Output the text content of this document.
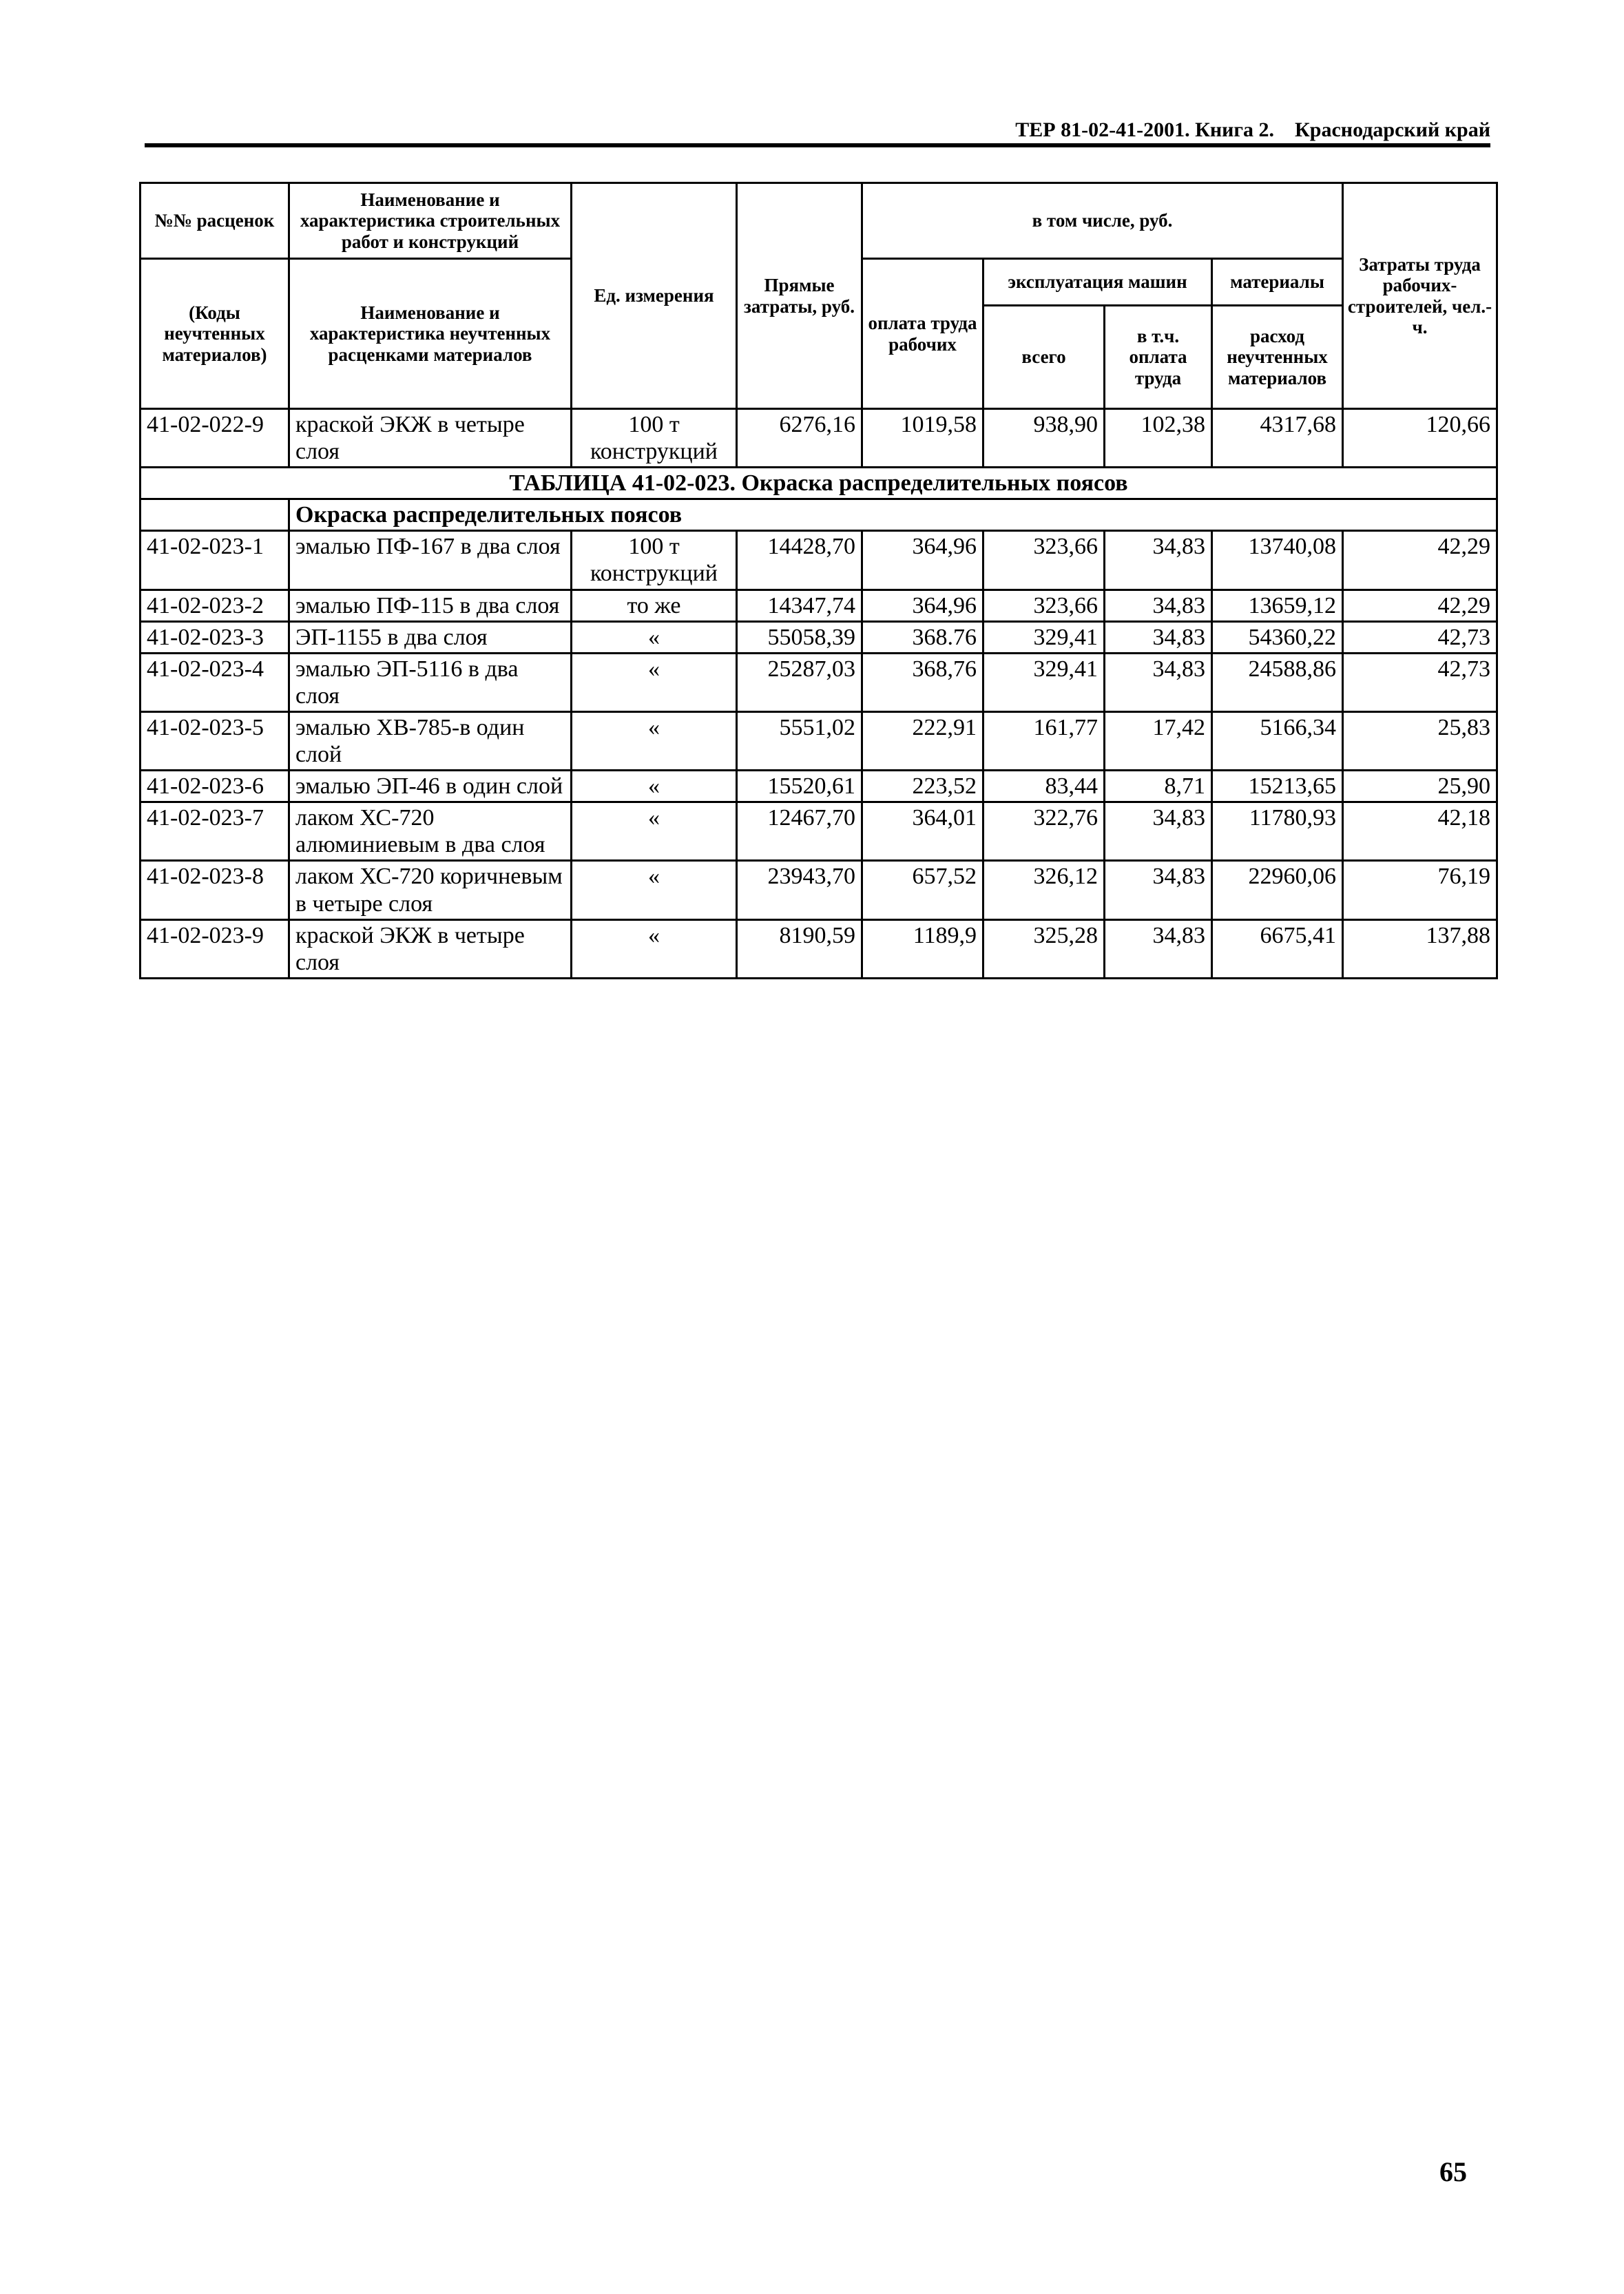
ТЕР 81-02-41-2001. Книга 2. Краснодарский край
№№ расценок	Наименование и характеристика строительных работ и конструкций	Ед. измерения	Прямые затраты, руб.	в том числе, руб.				Затраты труда рабочих-строителей, чел.-ч.
(Коды неучтенных материалов)	Наименование и характеристика неучтенных расценками материалов			оплата труда рабочих	эксплуатация машин		материалы	
					всего	в т.ч. оплата труда	расход неучтенных материалов	
41-02-022-9	краской ЭКЖ в четыре слоя	100 т конструкций	6276,16	1019,58	938,90	102,38	4317,68	120,66
ТАБЛИЦА 41-02-023. Окраска распределительных поясов								
	Окраска распределительных поясов							
41-02-023-1	эмалью ПФ-167 в два слоя	100 т конструкций	14428,70	364,96	323,66	34,83	13740,08	42,29
41-02-023-2	эмалью ПФ-115 в два слоя	то же	14347,74	364,96	323,66	34,83	13659,12	42,29
41-02-023-3	ЭП-1155 в два слоя	«	55058,39	368.76	329,41	34,83	54360,22	42,73
41-02-023-4	эмалью ЭП-5116 в два слоя	«	25287,03	368,76	329,41	34,83	24588,86	42,73
41-02-023-5	эмалью ХВ-785-в один слой	«	5551,02	222,91	161,77	17,42	5166,34	25,83
41-02-023-6	эмалью ЭП-46 в один слой	«	15520,61	223,52	83,44	8,71	15213,65	25,90
41-02-023-7	лаком ХС-720 алюминиевым в два слоя	«	12467,70	364,01	322,76	34,83	11780,93	42,18
41-02-023-8	лаком ХС-720 коричневым в четыре слоя	«	23943,70	657,52	326,12	34,83	22960,06	76,19
41-02-023-9	краской ЭКЖ в четыре слоя	«	8190,59	1189,9	325,28	34,83	6675,41	137,88
65
